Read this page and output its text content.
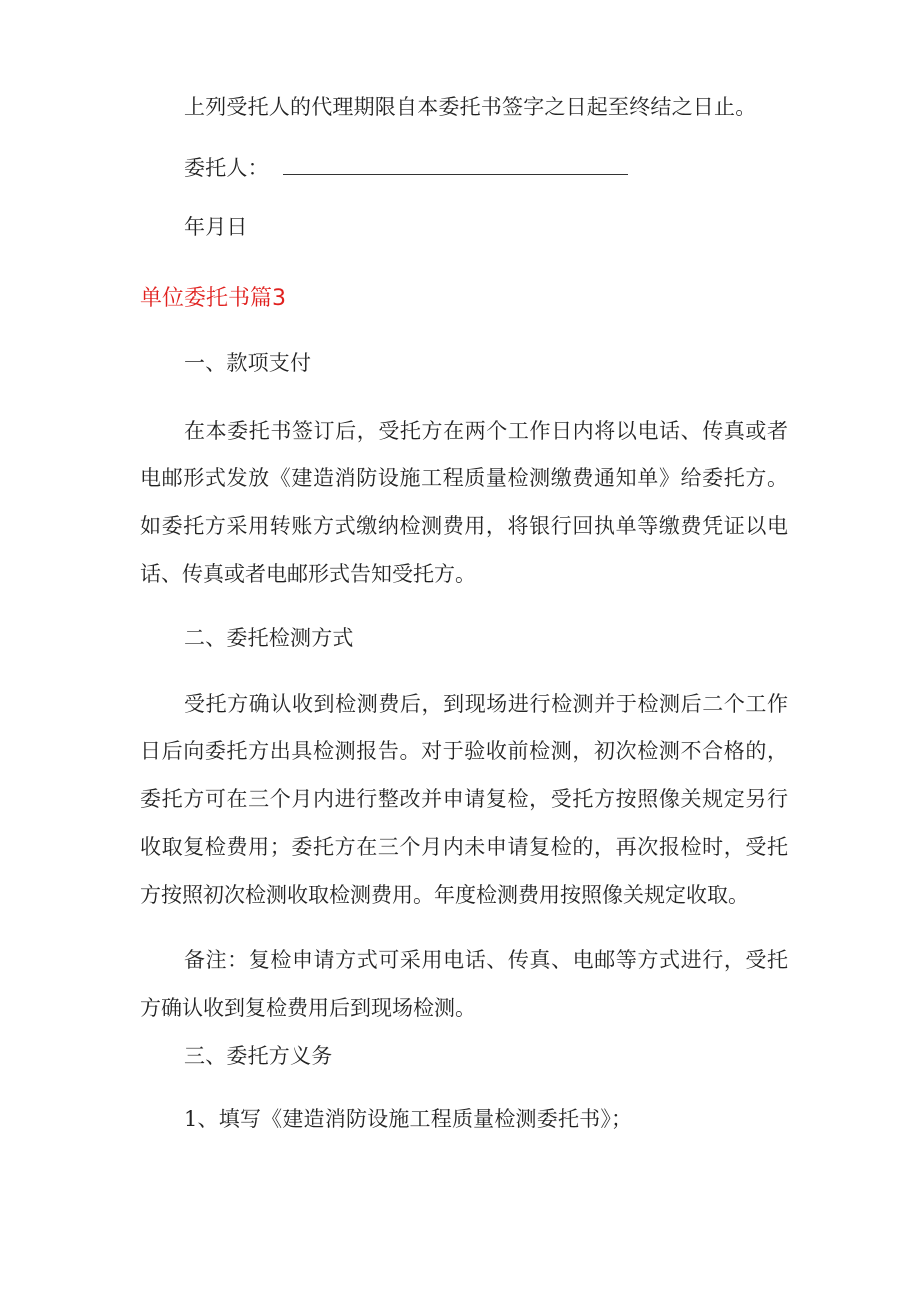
上列受托人的代理期限自本委托书签字之日起至终结之日止。
委托人：
年月日
单位委托书篇3
一、款项支付
在本委托书签订后，受托方在两个工作日内将以电话、传真或者
电邮形式发放《建造消防设施工程质量检测缴费通知单》给委托方。
如委托方采用转账方式缴纳检测费用，将银行回执单等缴费凭证以电
话、传真或者电邮形式告知受托方。
二、委托检测方式
受托方确认收到检测费后，到现场进行检测并于检测后二个工作
日后向委托方出具检测报告。对于验收前检测，初次检测不合格的，
委托方可在三个月内进行整改并申请复检，受托方按照像关规定另行
收取复检费用；委托方在三个月内未申请复检的，再次报检时，受托
方按照初次检测收取检测费用。年度检测费用按照像关规定收取。
备注：复检申请方式可采用电话、传真、电邮等方式进行，受托
方确认收到复检费用后到现场检测。
三、委托方义务
1、填写《建造消防设施工程质量检测委托书》；
